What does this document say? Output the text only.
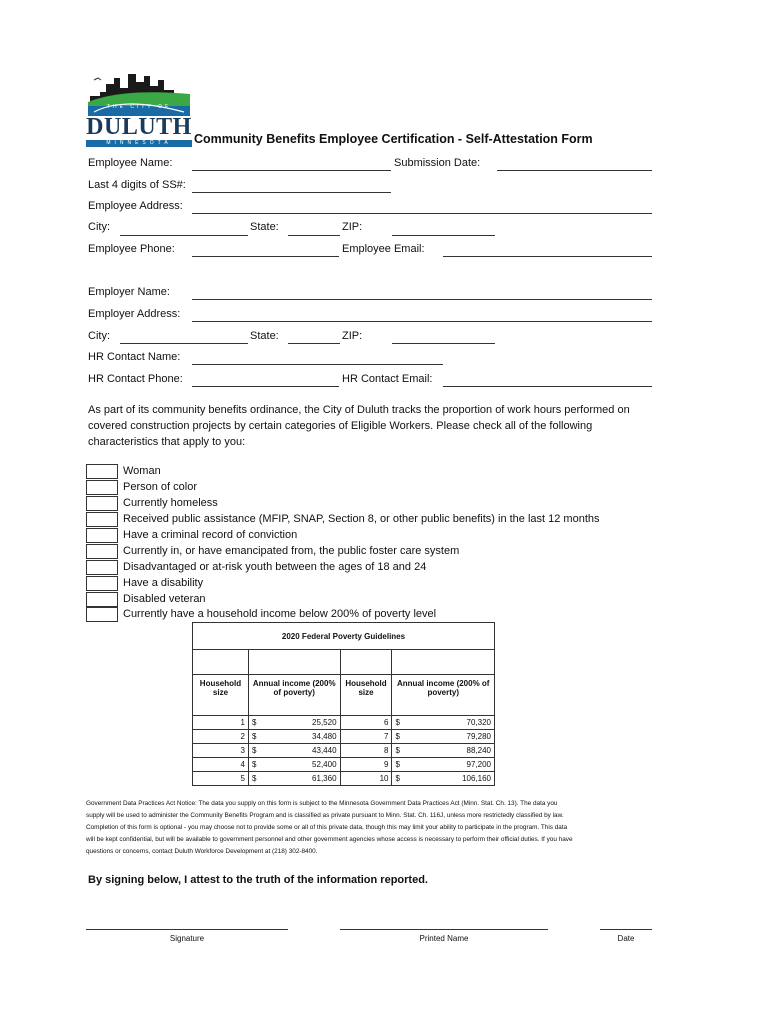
THE CITY OF
DULUTH
MINNESOTA	Community Benefits Employee Certification - Self-Attestation Form
Employee Name:	Submission Date:
Last 4 digits of SS#:
Employee Address:
City:	State:	ZIP:
Employee Phone:	Employee Email:
Employer Name:
Employer Address:
City:	State:	ZIP:
HR Contact Name:
HR Contact Phone:	HR Contact Email:
As part of its community benefits ordinance, the City of Duluth tracks the proportion of work hours performed on
covered construction projects by certain categories of Eligible Workers. Please check all of the following
characteristics that apply to you:
Woman
Person of color
Currently homeless
Received public assistance (MFIP, SNAP, Section 8, or other public benefits) in the last 12 months
Have a criminal record of conviction
Currently in, or have emancipated from, the public foster care system
Disadvantaged or at-risk youth between the ages of 18 and 24
Have a disability
Disabled veteran
Currently have a household income below 200% of poverty level
2020 Federal Poverty Guidelines			

Household size	Annual income (200% of poverty)	Household size	Annual income (200% of poverty)
1	$ 25,520	6	$ 70,320

2	$ 34,480	7	$ 79,280

3	$ 43,440	8	$ 88,240

4	$ 52,400	9	$ 97,200

5	$ 61,360	10	$ 106,160
Government Data Practices Act Notice: The data you supply on this form is subject to the Minnesota Government Data Practices Act (Minn. Stat. Ch. 13). The data you
supply will be used to administer the Community Benefits Program and is classified as private pursuant to Minn. Stat. Ch. 116J, unless more restrictedly classified by law.
Completion of this form is optional - you may choose not to provide some or all of this private data, though this may limit your ability to participate in the program. This data
will be kept confidential, but will be available to government personnel and other government agencies whose access is necessary to perform their official duties. If you have
questions or concerns, contact Duluth Workforce Development at (218) 302-8400.
By signing below, I attest to the truth of the information reported.
Signature	Printed Name	Date
